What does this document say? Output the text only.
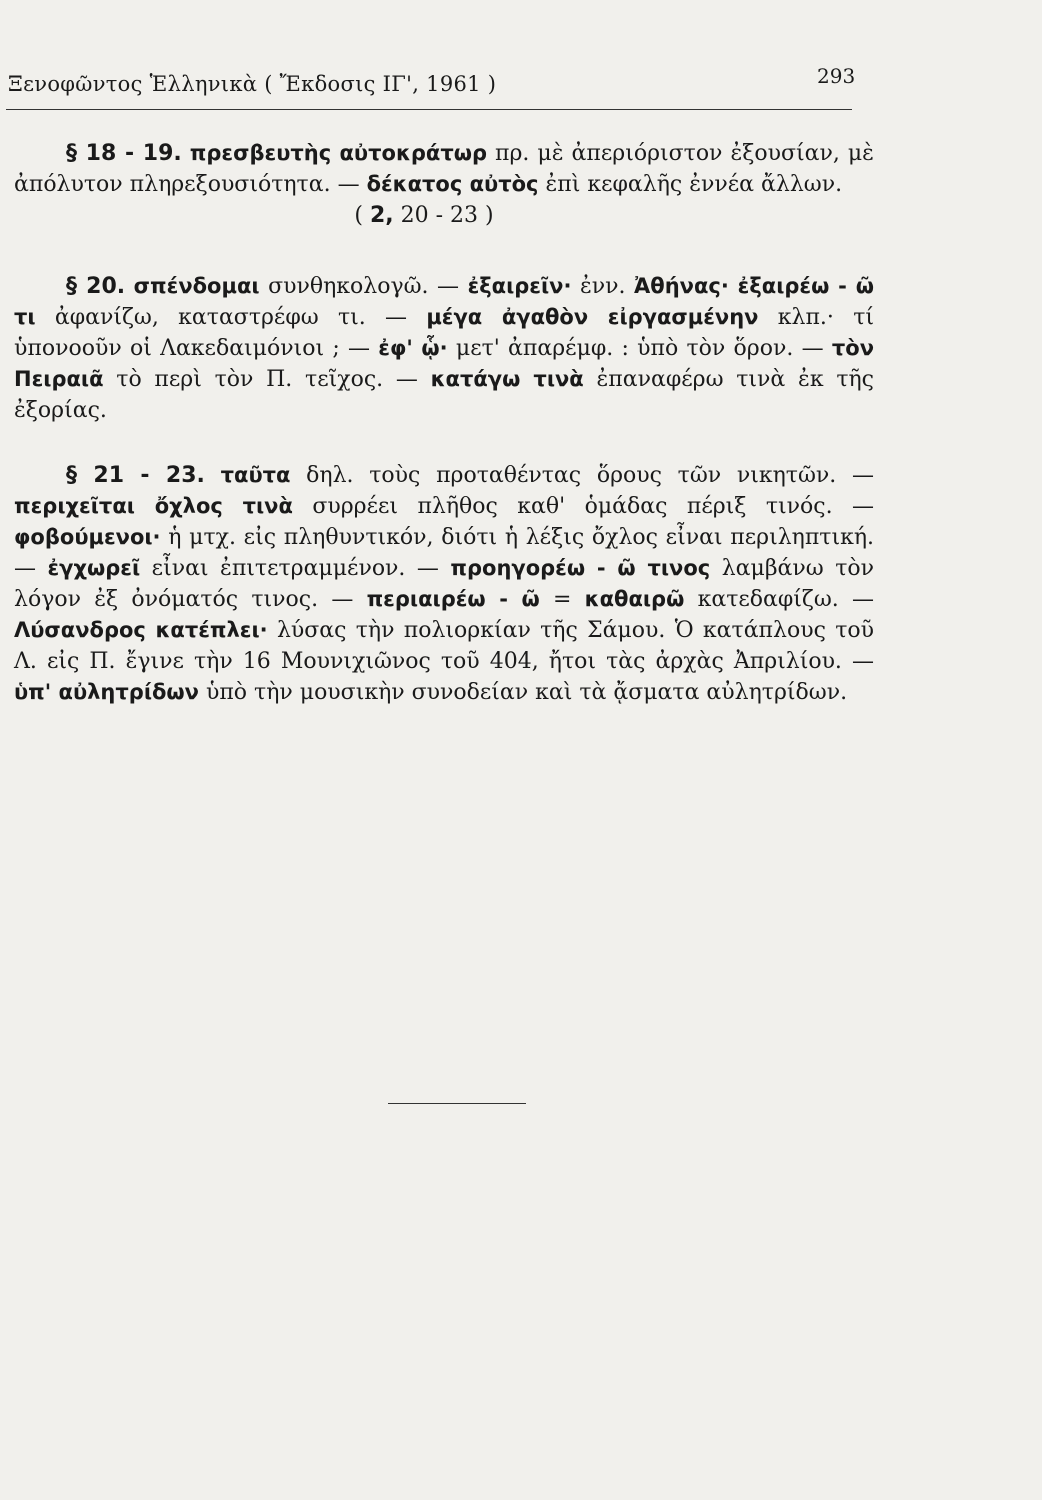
Ξενοφῶντος Ἑλληνικὰ ( Ἔκδοσις ΙΓ', 1961 )	293

§ 18 - 19. πρεσβευτὴς αὐτοκράτωρ πρ. μὲ ἀπεριόριστον ἐξουσίαν, μὲ ἀπόλυτον πληρεξουσιότητα. — δέκατος αὐτὸς ἐπὶ κεφαλῆς ἐννέα ἄλλων.

( 2, 20 - 23 )

§ 20. σπένδομαι συνθηκολογῶ. — ἐξαιρεῖν· ἐνν. Ἀθήνας· ἐξαιρέω - ῶ τι ἀφανίζω, καταστρέφω τι. — μέγα ἀγαθὸν εἰργασμένην κλπ.· τί ὑπονοοῦν οἱ Λακεδαιμόνιοι ; — ἐφ' ᾧ· μετ' ἀπαρέμφ. : ὑπὸ τὸν ὅρον. — τὸν Πειραιᾶ τὸ περὶ τὸν Π. τεῖχος. — κατάγω τινὰ ἐπαναφέρω τινὰ ἐκ τῆς ἐξορίας.

§ 21 - 23. ταῦτα δηλ. τοὺς προταθέντας ὅρους τῶν νικητῶν. — περιχεῖται ὄχλος τινὰ συρρέει πλῆθος καθ' ὁμάδας πέριξ τινός. — φοβούμενοι· ἡ μτχ. εἰς πληθυντικόν, διότι ἡ λέξις ὄχλος εἶναι περιληπτική. — ἐγχωρεῖ εἶναι ἐπιτετραμμένον. — προηγορέω - ῶ τινος λαμβάνω τὸν λόγον ἐξ ὀνόματός τινος. — περιαιρέω - ῶ = καθαιρῶ κατεδαφίζω. — Λύσανδρος κατέπλει· λύσας τὴν πολιορκίαν τῆς Σάμου. Ὁ κατάπλους τοῦ Λ. εἰς Π. ἔγινε τὴν 16 Μουνιχιῶνος τοῦ 404, ἤτοι τὰς ἀρχὰς Ἀπριλίου. — ὑπ' αὐλητρίδων ὑπὸ τὴν μουσικὴν συνοδείαν καὶ τὰ ᾄσματα αὐλητρίδων.
